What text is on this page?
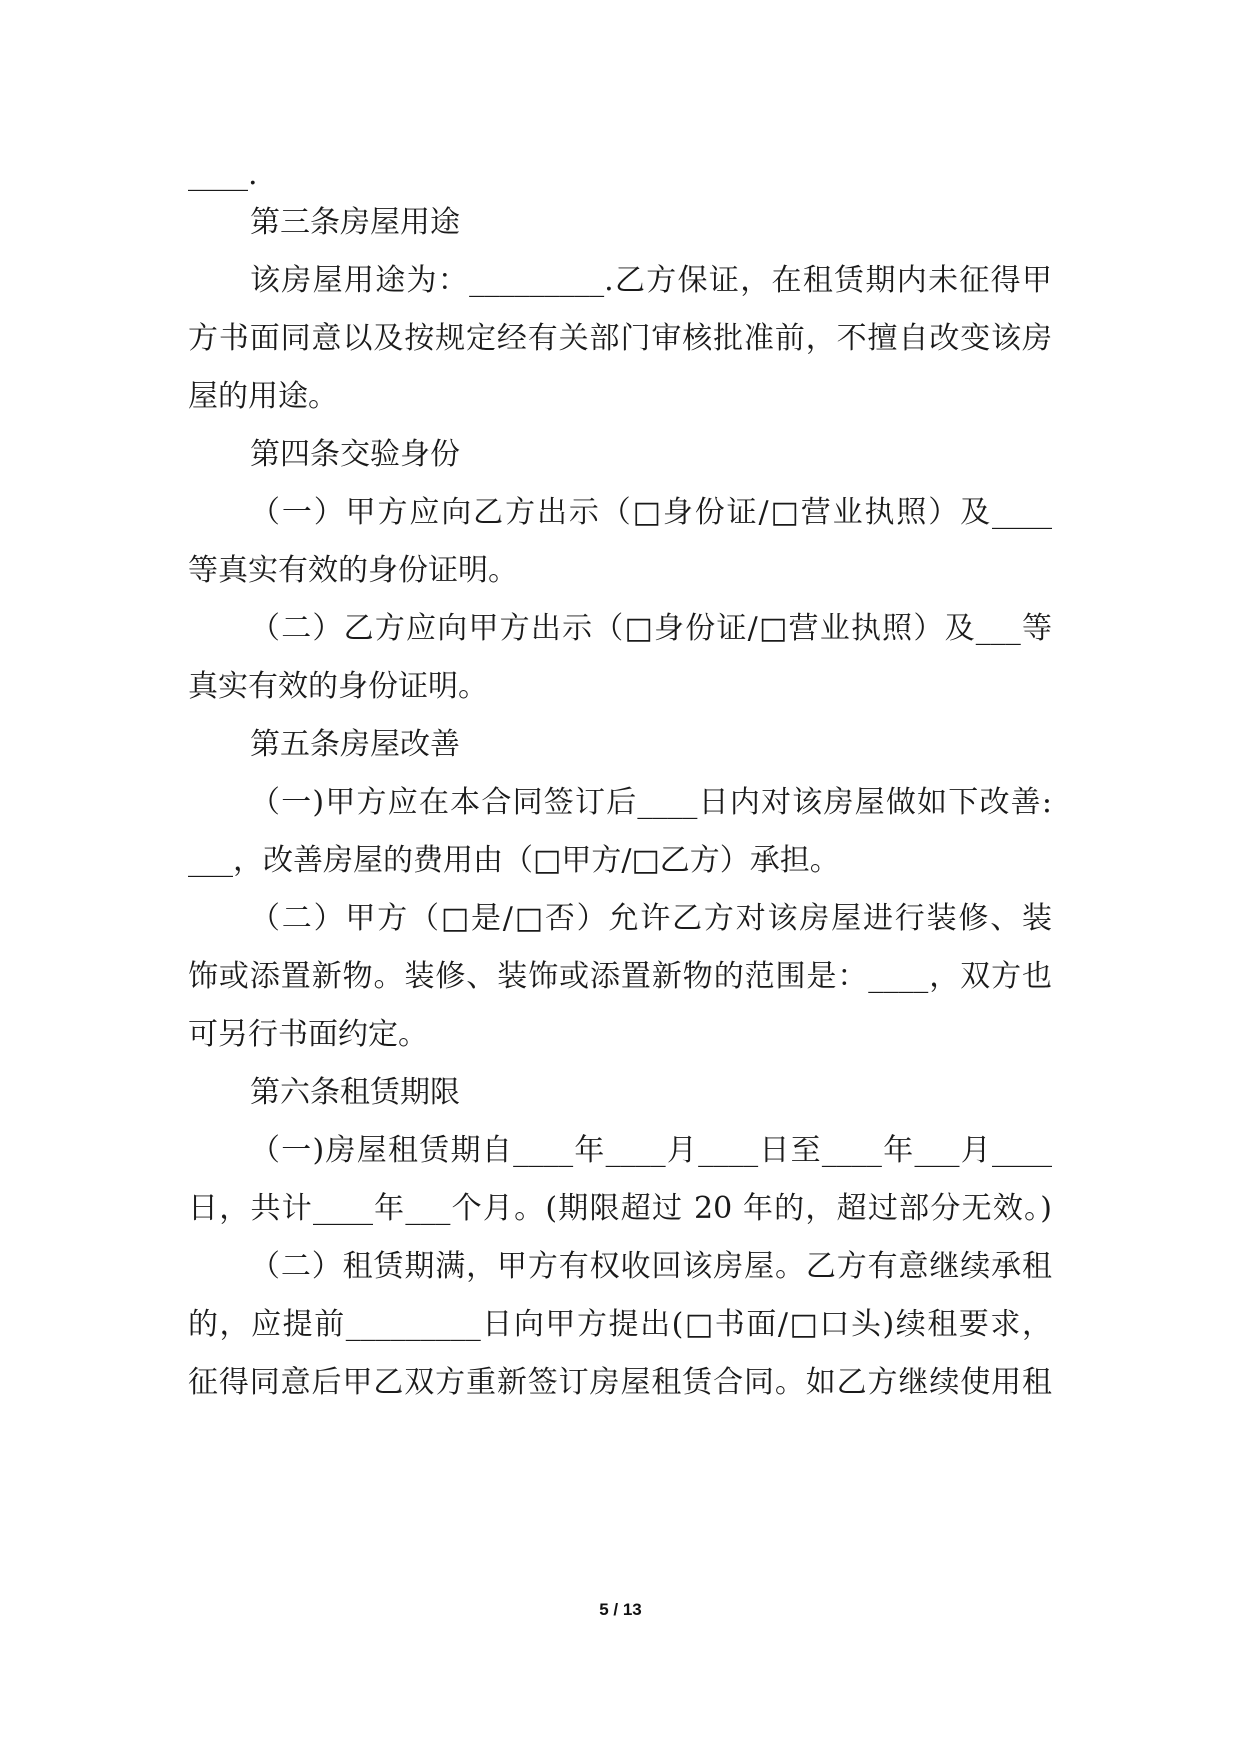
____.
第三条房屋用途
该房屋用途为：_________.乙方保证，在租赁期内未征得甲
方书面同意以及按规定经有关部门审核批准前，不擅自改变该房
屋的用途。
第四条交验身份
（一）甲方应向乙方出示（□身份证/□营业执照）及____
等真实有效的身份证明。
（二）乙方应向甲方出示（□身份证/□营业执照）及___等
真实有效的身份证明。
第五条房屋改善
（一)甲方应在本合同签订后____日内对该房屋做如下改善:
___，改善房屋的费用由（□甲方/□乙方）承担。
（二）甲方（□是/□否）允许乙方对该房屋进行装修、装
饰或添置新物。装修、装饰或添置新物的范围是：____，双方也
可另行书面约定。
第六条租赁期限
（一)房屋租赁期自____年____月____日至____年___月____
日，共计____年___个月。(期限超过 20 年的，超过部分无效。)
（二）租赁期满，甲方有权收回该房屋。乙方有意继续承租
的，应提前_________日向甲方提出(□书面/□口头)续租要求，
征得同意后甲乙双方重新签订房屋租赁合同。如乙方继续使用租
5 / 13
